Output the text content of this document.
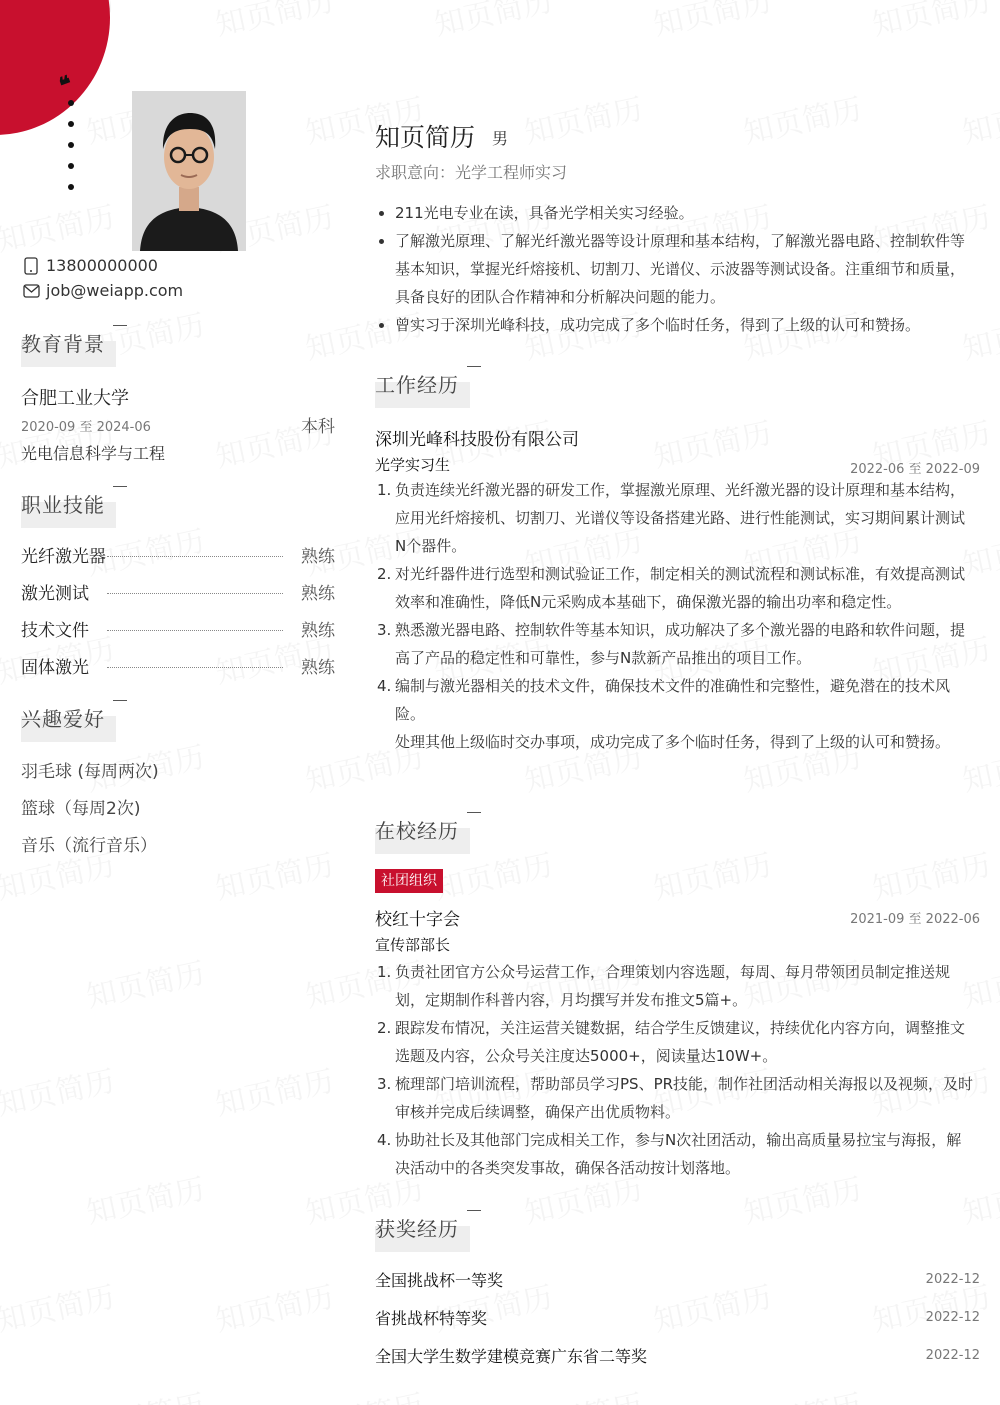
❝
13800000000
job@weiapp.com
教育背景
合肥工业大学
2020-09 至 2024-06	本科
光电信息科学与工程
职业技能
光纤激光器	熟练
激光测试	熟练
技术文件	熟练
固体激光	熟练
兴趣爱好
羽毛球 (每周两次)
篮球（每周2次)
音乐（流行音乐）
知页简历 男
求职意向：光学工程师实习
211光电专业在读，具备光学相关实习经验。
了解激光原理、了解光纤激光器等设计原理和基本结构，了解激光器电路、控制软件等基本知识，掌握光纤熔接机、切割刀、光谱仪、示波器等测试设备。注重细节和质量，具备良好的团队合作精神和分析解决问题的能力。
曾实习于深圳光峰科技，成功完成了多个临时任务，得到了上级的认可和赞扬。
工作经历
深圳光峰科技股份有限公司
光学实习生	2022-06 至 2022-09
1. 负责连续光纤激光器的研发工作，掌握激光原理、光纤激光器的设计原理和基本结构，应用光纤熔接机、切割刀、光谱仪等设备搭建光路、进行性能测试，实习期间累计测试N个器件。
2. 对光纤器件进行选型和测试验证工作，制定相关的测试流程和测试标准，有效提高测试效率和准确性，降低N元采购成本基础下，确保激光器的输出功率和稳定性。
3. 熟悉激光器电路、控制软件等基本知识，成功解决了多个激光器的电路和软件问题，提高了产品的稳定性和可靠性，参与N款新产品推出的项目工作。
4. 编制与激光器相关的技术文件，确保技术文件的准确性和完整性，避免潜在的技术风险。
处理其他上级临时交办事项，成功完成了多个临时任务，得到了上级的认可和赞扬。
在校经历
社团组织
校红十字会
宣传部部长
2021-09 至 2022-06
1. 负责社团官方公众号运营工作，合理策划内容选题，每周、每月带领团员制定推送规划，定期制作科普内容，月均撰写并发布推文5篇+。
2. 跟踪发布情况，关注运营关键数据，结合学生反馈建议，持续优化内容方向，调整推文选题及内容，公众号关注度达5000+，阅读量达10W+。
3. 梳理部门培训流程，帮助部员学习PS、PR技能，制作社团活动相关海报以及视频，及时审核并完成后续调整，确保产出优质物料。
4. 协助社长及其他部门完成相关工作，参与N次社团活动，输出高质量易拉宝与海报，解决活动中的各类突发事故，确保各活动按计划落地。
获奖经历
全国挑战杯一等奖	2022-12
省挑战杯特等奖	2022-12
全国大学生数学建模竞赛广东省二等奖	2022-12
